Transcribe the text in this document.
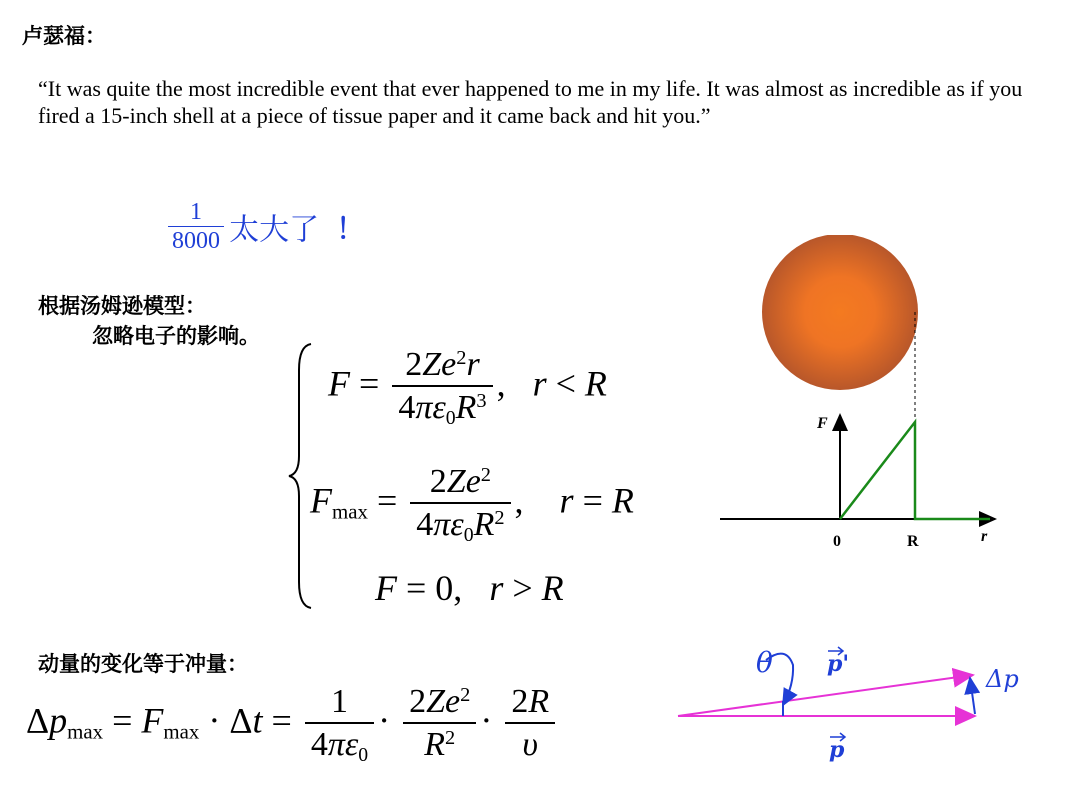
卢瑟福：
“It was quite the most incredible event that ever happened to me in my life. It was almost as incredible as if you fired a 15-inch shell at a piece of tissue paper and it came back and hit you.”
$\frac{1}{8000}$ 太大了 ！
根据汤姆逊模型：
忽略电子的影响。
$F = \frac{2Ze^2r}{4\pi\varepsilon_0R^3}$ ,   r < R
$F_{max} = \frac{2Ze^2}{4\pi\varepsilon_0R^2}$ ,    r = R
F = 0,   r > R
F
0	R	r
动量的变化等于冲量：
$\Delta p_{max} = F_{max} \cdot \Delta t = \frac{1}{4\pi\varepsilon_0} \cdot \frac{2Ze^2}{R^2} \cdot \frac{2R}{\upsilon}$
θ p'
Δp
p
